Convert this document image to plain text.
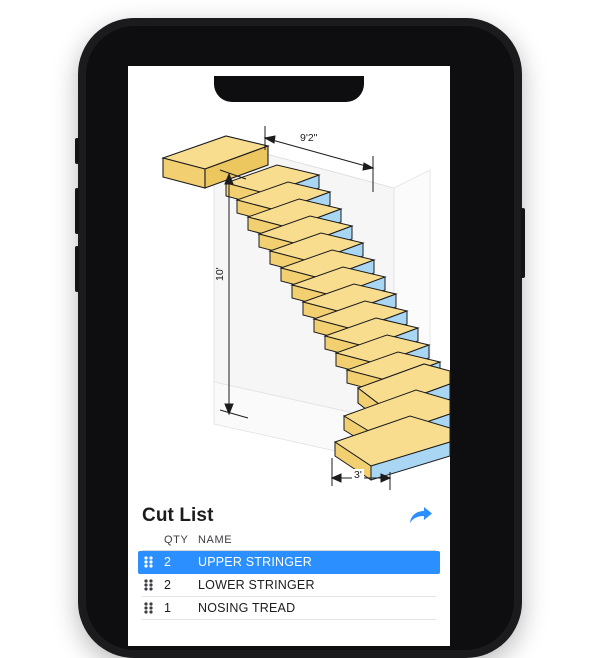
9'2"
10'
3'
Cut List
QTY NAME
2	UPPER STRINGER
2	LOWER STRINGER
1	NOSING TREAD
